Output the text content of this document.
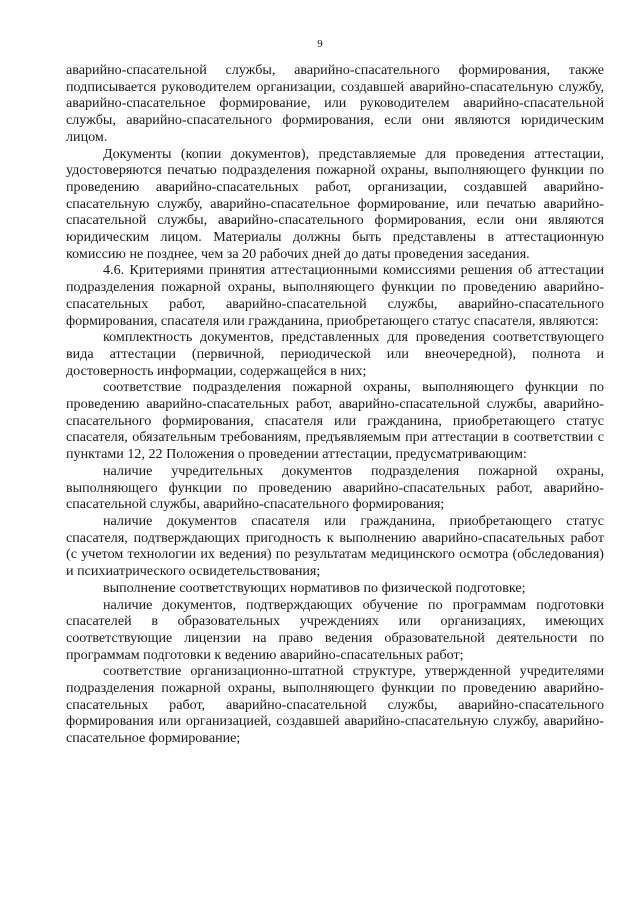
9

аварийно-спасательной службы, аварийно-спасательного формирования, также подписывается руководителем организации, создавшей аварийно-спасательную службу, аварийно-спасательное формирование, или руководителем аварийно-спасательной службы, аварийно-спасательного формирования, если они являются юридическим лицом.

Документы (копии документов), представляемые для проведения аттестации, удостоверяются печатью подразделения пожарной охраны, выполняющего функции по проведению аварийно-спасательных работ, организации, создавшей аварийно-спасательную службу, аварийно-спасательное формирование, или печатью аварийно-спасательной службы, аварийно-спасательного формирования, если они являются юридическим лицом. Материалы должны быть представлены в аттестационную комиссию не позднее, чем за 20 рабочих дней до даты проведения заседания.

4.6. Критериями принятия аттестационными комиссиями решения об аттестации подразделения пожарной охраны, выполняющего функции по проведению аварийно-спасательных работ, аварийно-спасательной службы, аварийно-спасательного формирования, спасателя или гражданина, приобретающего статус спасателя, являются:

комплектность документов, представленных для проведения соответствующего вида аттестации (первичной, периодической или внеочередной), полнота и достоверность информации, содержащейся в них;

соответствие подразделения пожарной охраны, выполняющего функции по проведению аварийно-спасательных работ, аварийно-спасательной службы, аварийно-спасательного формирования, спасателя или гражданина, приобретающего статус спасателя, обязательным требованиям, предъявляемым при аттестации в соответствии с пунктами 12, 22 Положения о проведении аттестации, предусматривающим:

наличие учредительных документов подразделения пожарной охраны, выполняющего функции по проведению аварийно-спасательных работ, аварийно-спасательной службы, аварийно-спасательного формирования;

наличие документов спасателя или гражданина, приобретающего статус спасателя, подтверждающих пригодность к выполнению аварийно-спасательных работ (с учетом технологии их ведения) по результатам медицинского осмотра (обследования) и психиатрического освидетельствования;

выполнение соответствующих нормативов по физической подготовке;

наличие документов, подтверждающих обучение по программам подготовки спасателей в образовательных учреждениях или организациях, имеющих соответствующие лицензии на право ведения образовательной деятельности по программам подготовки к ведению аварийно-спасательных работ;

соответствие организационно-штатной структуре, утвержденной учредителями подразделения пожарной охраны, выполняющего функции по проведению аварийно-спасательных работ, аварийно-спасательной службы, аварийно-спасательного формирования или организацией, создавшей аварийно-спасательную службу, аварийно-спасательное формирование;
